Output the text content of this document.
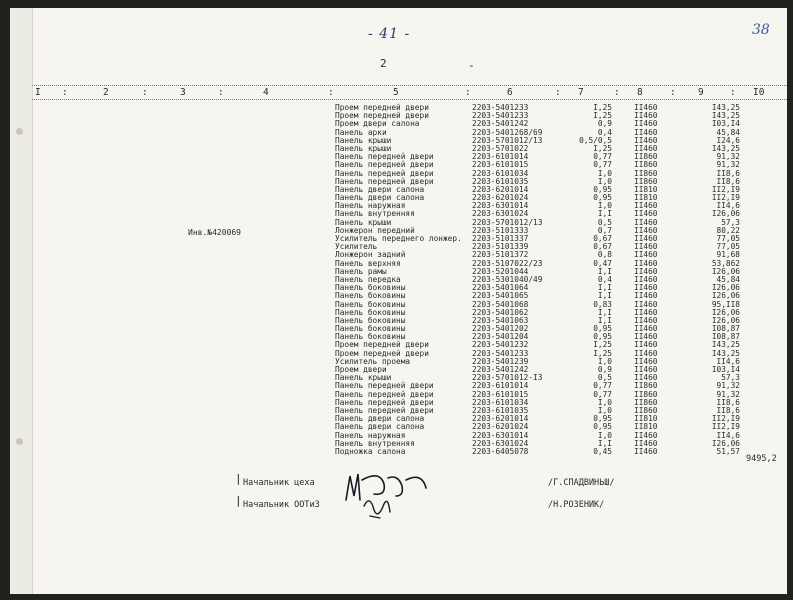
- 41 -
2	-
38
I	2	3	4	5	6	7	8	9	I0
:	:	:	:	:	:	:	:	:
Инв.№420069
Проем передней двери	2203-5401233	I,25	II460	I43,25
Проем передней двери	2203-5401233	I,25	II460	I43,25
Проем двери салона	2203-5401242	0,9	II460	I03,I4
Панель арки	2203-5401268/69	0,4	II460	45,84
Панель крыши	2203-5701012/13	0,5/0,5	II460	I24,6
Панель крыши	2203-5701022	I,25	II460	I43,25
Панель передней двери	2203-6101014	0,77	II860	91,32
Панель передней двери	2203-6101015	0,77	II860	91,32
Панель передней двери	2203-6101034	I,0	II860	II8,6
Панель передней двери	2203-6101035	I,0	II860	II8,6
Панель двери салона	2203-6201014	0,95	II810	II2,I9
Панель двери салона	2203-6201024	0,95	II810	II2,I9
Панель наружная	2203-6301014	I,0	II460	II4,6
Панель внутренняя	2203-6301024	I,I	II460	I26,06
Панель крыши	2203-5701012/13	0,5	II460	57,3
Лонжерон передний	2203-5101333	0,7	II460	80,22
Усилитель переднего лонжер. 2203-5101337	0,67	II460	77,05
Усилитель	2203-5101339	0,67	II460	77,05
Лонжерон задний	2203-5101372	0,8	II460	91,68
Панель верхняя	2203-5107022/23	0,47	II460	53,862
Панель рамы	2203-5201044	I,I	II460	I26,06
Панель передка	2203-5301040/49	0,4	II460	45,84
Панель боковины	2203-5401064	I,I	II460	I26,06
Панель боковины	2203-5401065	I,I	II460	I26,06
Панель боковины	2203-5401068	0,83	II460	95,II8
Панель боковины	2203-5401062	I,I	II460	I26,06
Панель боковины	2203-5401063	I,I	II460	I26,06
Панель боковины	2203-5401202	0,95	II460	I08,87
Панель боковины	2203-5401204	0,95	II460	I08,87
Проем передней двери	2203-5401232	I,25	II460	I43,25
Проем передней двери	2203-5401233	I,25	II460	I43,25
Усилитель проема	2203-5401239	I,0	II460	II4,6
Проем двери	2203-5401242	0,9	II460	I03,I4
Панель крыши	2203-5701012-I3	0,5	II460	57,3
Панель передней двери	2203-6101014	0,77	II860	91,32
Панель передней двери	2203-6101015	0,77	II860	91,32
Панель передней двери	2203-6101034	I,0	II860	II8,6
Панель передней двери	2203-6101035	I,0	II860	II8,6
Панель двери салона	2203-6201014	0,95	II810	II2,I9
Панель двери салона	2203-6201024	0,95	II810	II2,I9
Панель наружная	2203-6301014	I,0	II460	II4,6
Панель внутренняя	2203-6301024	I,I	II460	I26,06
Подножка салона	2203-6405078	0,45	II460	51,57
9495,2
|
|
Начальник цеха
Начальник ООТиЗ
/Г.СПАДВИНЬШ/
/Н.РОЗЕНИК/
